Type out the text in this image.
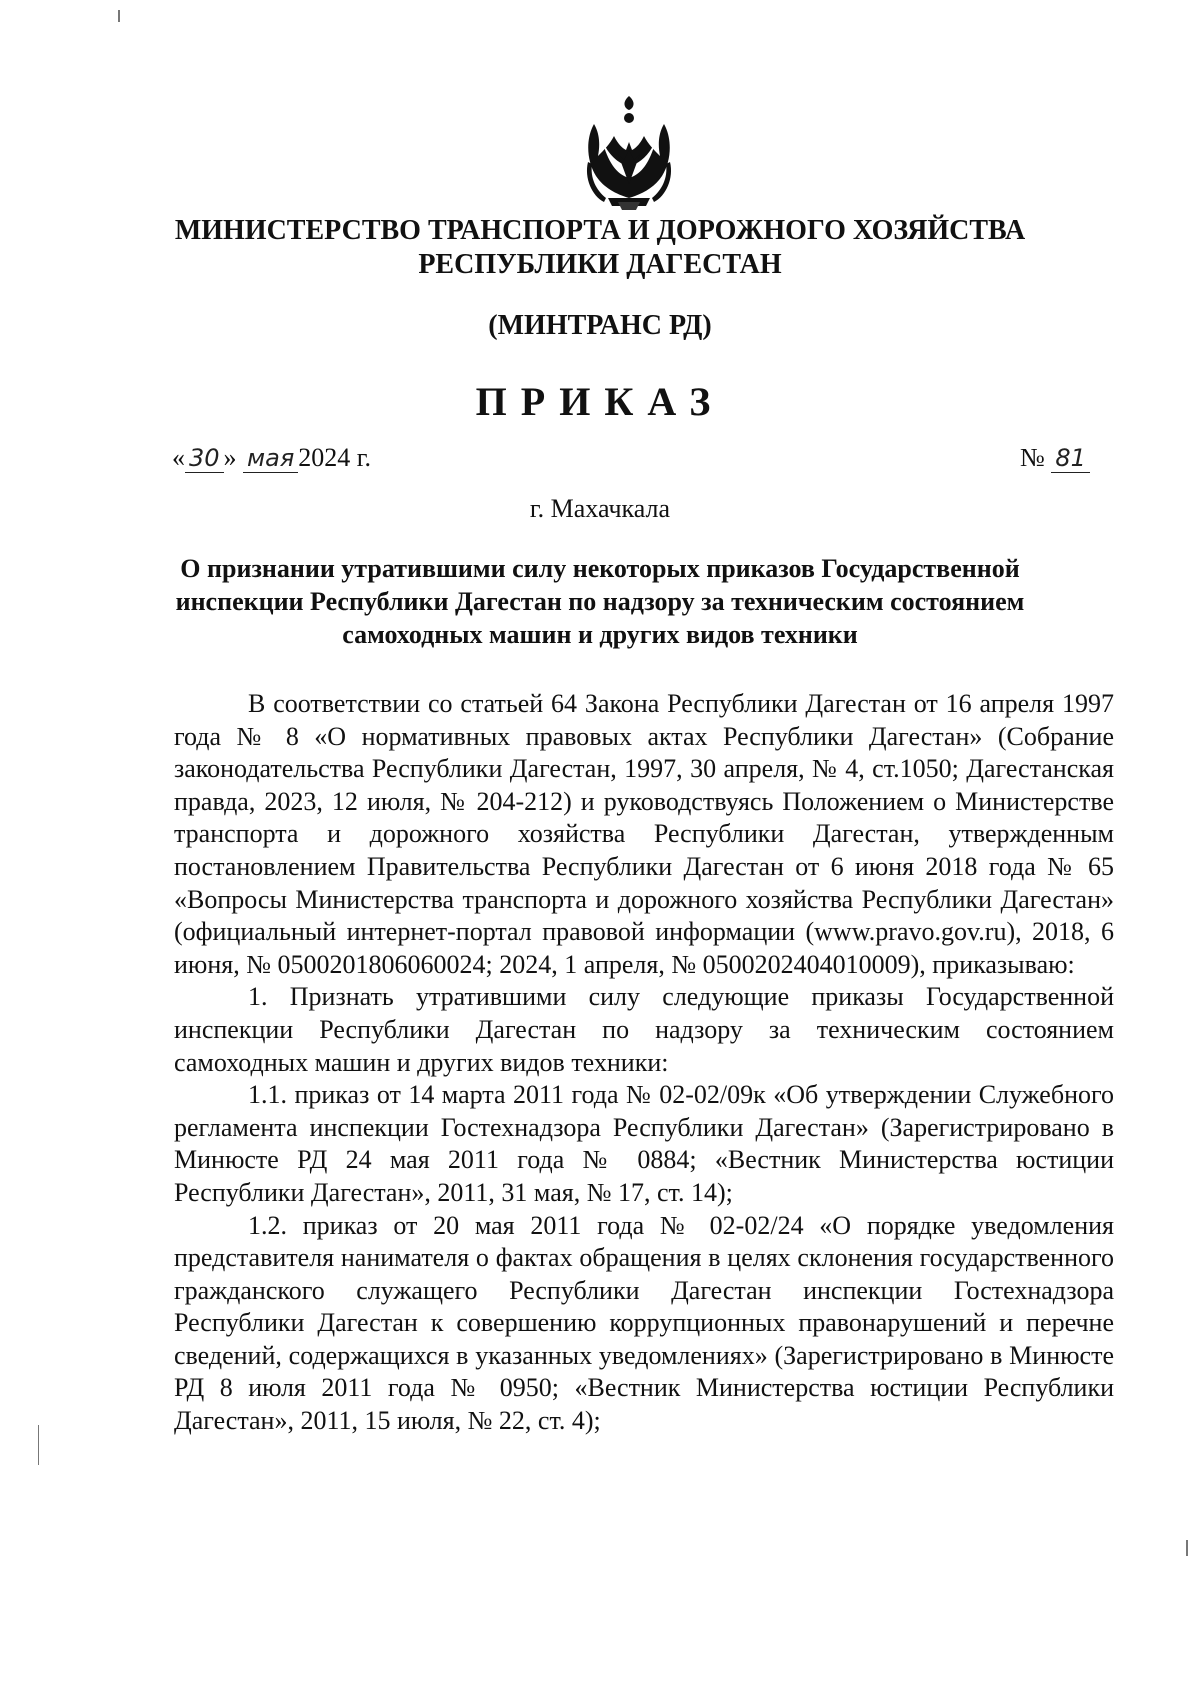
МИНИСТЕРСТВО ТРАНСПОРТА И ДОРОЖНОГО ХОЗЯЙСТВА
РЕСПУБЛИКИ ДАГЕСТАН
(МИНТРАНС РД)
ПРИКАЗ
« 30 » мая 2024 г.	№ 81
г. Махачкала
О признании утратившими силу некоторых приказов Государственной инспекции Республики Дагестан по надзору за техническим состоянием самоходных машин и других видов техники

В соответствии со статьей 64 Закона Республики Дагестан от 16 апреля 1997 года № 8 «О нормативных правовых актах Республики Дагестан» (Собрание законодательства Республики Дагестан, 1997, 30 апреля, № 4, ст.1050; Дагестанская правда, 2023, 12 июля, № 204-212) и руководствуясь Положением о Министерстве транспорта и дорожного хозяйства Республики Дагестан, утвержденным постановлением Правительства Республики Дагестан от 6 июня 2018 года № 65 «Вопросы Министерства транспорта и дорожного хозяйства Республики Дагестан» (официальный интернет-портал правовой информации (www.pravo.gov.ru), 2018, 6 июня, № 0500201806060024; 2024, 1 апреля, № 0500202404010009), приказываю:

1. Признать утратившими силу следующие приказы Государственной инспекции Республики Дагестан по надзору за техническим состоянием самоходных машин и других видов техники:

1.1. приказ от 14 марта 2011 года № 02-02/09к «Об утверждении Служебного регламента инспекции Гостехнадзора Республики Дагестан» (Зарегистрировано в Минюсте РД 24 мая 2011 года № 0884; «Вестник Министерства юстиции Республики Дагестан», 2011, 31 мая, № 17, ст. 14);

1.2. приказ от 20 мая 2011 года № 02-02/24 «О порядке уведомления представителя нанимателя о фактах обращения в целях склонения государственного гражданского служащего Республики Дагестан инспекции Гостехнадзора Республики Дагестан к совершению коррупционных правонарушений и перечне сведений, содержащихся в указанных уведомлениях» (Зарегистрировано в Минюсте РД 8 июля 2011 года № 0950; «Вестник Министерства юстиции Республики Дагестан», 2011, 15 июля, № 22, ст. 4);
